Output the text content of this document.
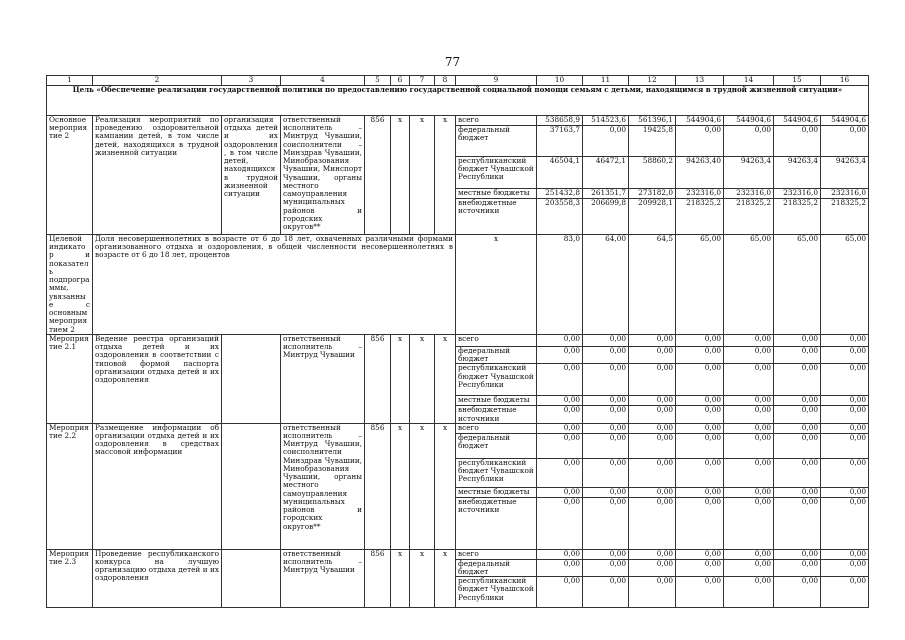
77
1	2	3	4	5	6	7	8	9	10	11	12	13	14	15	16
Цель «Обеспечение реализации государственной политики по предоставлению государственной социальной помощи семьям с детьми, находящимся в трудной жизненной ситуации»															
Основное мероприятие 2	Реализация мероприятий по проведению оздоровительной кампании детей, в том числе детей, находящихся в трудной жизненной ситуации	организация отдыха детей и их оздоровления, в том числе детей, находящихся в трудной жизненной ситуации	ответственный исполнитель – Минтруд Чувашии, соисполнители – Минздрав Чувашии, Минобразования Чувашии, Минспорт Чувашии, органы местного самоуправления муниципальных районов и городских округов**	856	x	x	x	всего	538658,9	514523,6	561396,1	544904,6	544904,6	544904,6	544904,6
								федеральный бюджет	37163,7	0,00	19425,8	0,00	0,00	0,00	0,00
								республиканский бюджет Чувашской Республики	46504,1	46472,1	58860,2	94263,40	94263,4	94263,4	94263,4
								местные бюджеты	251432,8	261351,7	273182,0	232316,0	232316,0	232316,0	232316,0
								внебюджетные источники	203558,3	206699,8	209928,1	218325,2	218325,2	218325,2	218325,2
Целевой индикатор и показатель подпрограммы, увязанные с основным мероприятием 2	Доля несовершеннолетних в возрасте от 6 до 18 лет, охваченных различными формами организованного отдыха и оздоровления, в общей численности несовершеннолетних в возрасте от 6 до 18 лет, процентов							x	83,0	64,00	64,5	65,00	65,00	65,00	65,00
Мероприятие 2.1	Ведение реестра организаций отдыха детей и их оздоровления в соответствии с типовой формой паспорта организации отдыха детей и их оздоровления		ответственный исполнитель – Минтруд Чувашии	856	x	x	x	всего	0,00	0,00	0,00	0,00	0,00	0,00	0,00
								федеральный бюджет	0,00	0,00	0,00	0,00	0,00	0,00	0,00
								республиканский бюджет Чувашской Республики	0,00	0,00	0,00	0,00	0,00	0,00	0,00
								местные бюджеты	0,00	0,00	0,00	0,00	0,00	0,00	0,00
								внебюджетные источники	0,00	0,00	0,00	0,00	0,00	0,00	0,00
Мероприятие 2.2	Размещение информации об организации отдыха детей и их оздоровления в средствах массовой информации		ответственный исполнитель – Минтруд Чувашии, соисполнители Минздрав Чувашии, Минобразования Чувашии, органы местного самоуправления муниципальных районов и городских округов**	856	x	x	x	всего	0,00	0,00	0,00	0,00	0,00	0,00	0,00
								федеральный бюджет	0,00	0,00	0,00	0,00	0,00	0,00	0,00
								республиканский бюджет Чувашской Республики	0,00	0,00	0,00	0,00	0,00	0,00	0,00
								местные бюджеты	0,00	0,00	0,00	0,00	0,00	0,00	0,00
								внебюджетные источники	0,00	0,00	0,00	0,00	0,00	0,00	0,00
Мероприятие 2.3	Проведение республиканского конкурса на лучшую организацию отдыха детей и их оздоровления		ответственный исполнитель – Минтруд Чувашии	856	x	x	x	всего	0,00	0,00	0,00	0,00	0,00	0,00	0,00
								федеральный бюджет	0,00	0,00	0,00	0,00	0,00	0,00	0,00
								республиканский бюджет Чувашской Республики	0,00	0,00	0,00	0,00	0,00	0,00	0,00
